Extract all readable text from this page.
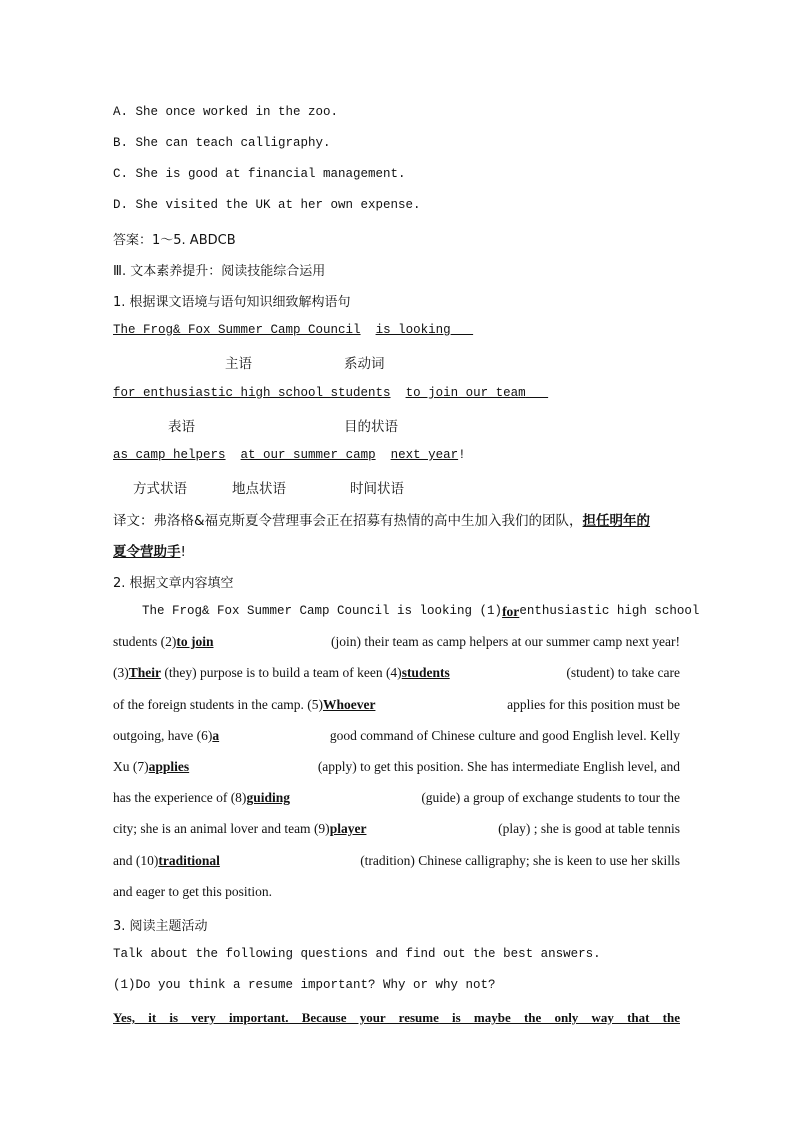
A. She once worked in the zoo.
B. She can teach calligraphy.
C. She is good at financial management.
D. She visited the UK at her own expense.
答案：1～5. ABDCB
Ⅲ. 文本素养提升：阅读技能综合运用
1. 根据课文语境与语句知识细致解构语句
The Frog& Fox Summer Camp Council is looking
主语	系动词
for enthusiastic high school students to join our team
表语	目的状语
as camp helpers at our summer camp next year!
方式状语	地点状语	时间状语
译文：弗洛格&福克斯夏令营理事会正在招募有热情的高中生加入我们的团队，担任明年的
夏令营助手!
2. 根据文章内容填空
The Frog& Fox Summer Camp Council is looking (1) for enthusiastic high school
students (2)to join	(join) their team as camp helpers at our summer camp next year!
(3)Their (they) purpose is to build a team of keen (4)students	(student) to take care
of the foreign students in the camp. (5)Whoever	applies for this position must be
outgoing, have (6)a	good command of Chinese culture and good English level. Kelly
Xu (7)applies	(apply) to get this position. She has intermediate English level, and
has the experience of (8)guiding	(guide) a group of exchange students to tour the
city; she is an animal lover and team (9)player	(play) ; she is good at table tennis
and (10)traditional	(tradition) Chinese calligraphy; she is keen to use her skills
and eager to get this position.
3. 阅读主题活动
Talk about the following questions and find out the best answers.
(1)Do you think a resume important? Why or why not?
Yes, it is very important. Because your resume is maybe the only way that the
